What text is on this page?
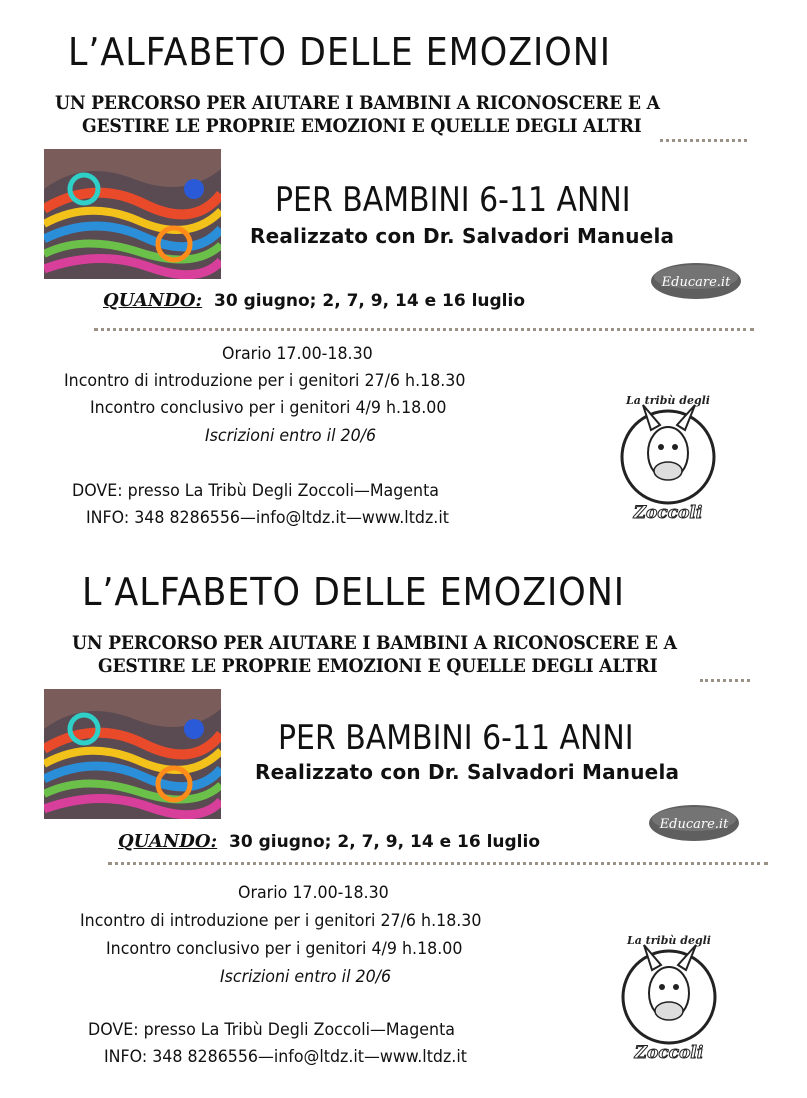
L’ALFABETO DELLE EMOZIONI
UN PERCORSO PER AIUTARE I BAMBINI A RICONOSCERE E A
GESTIRE LE PROPRIE EMOZIONI E QUELLE DEGLI ALTRI
PER BAMBINI 6-11 ANNI
Realizzato con Dr. Salvadori Manuela
Educare.it
QUANDO: 30 giugno; 2, 7, 9, 14 e 16 luglio
Orario 17.00-18.30
Incontro di introduzione per i genitori 27/6 h.18.30
Incontro conclusivo per i genitori 4/9 h.18.00
Iscrizioni entro il 20/6
DOVE: presso La Tribù Degli Zoccoli—Magenta
INFO: 348 8286556—info@ltdz.it—www.ltdz.it
La tribù degli
Zoccoli
L’ALFABETO DELLE EMOZIONI
UN PERCORSO PER AIUTARE I BAMBINI A RICONOSCERE E A
GESTIRE LE PROPRIE EMOZIONI E QUELLE DEGLI ALTRI
PER BAMBINI 6-11 ANNI
Realizzato con Dr. Salvadori Manuela
Educare.it
QUANDO: 30 giugno; 2, 7, 9, 14 e 16 luglio
Orario 17.00-18.30
Incontro di introduzione per i genitori 27/6 h.18.30
Incontro conclusivo per i genitori 4/9 h.18.00
Iscrizioni entro il 20/6
DOVE: presso La Tribù Degli Zoccoli—Magenta
INFO: 348 8286556—info@ltdz.it—www.ltdz.it
La tribù degli
Zoccoli
